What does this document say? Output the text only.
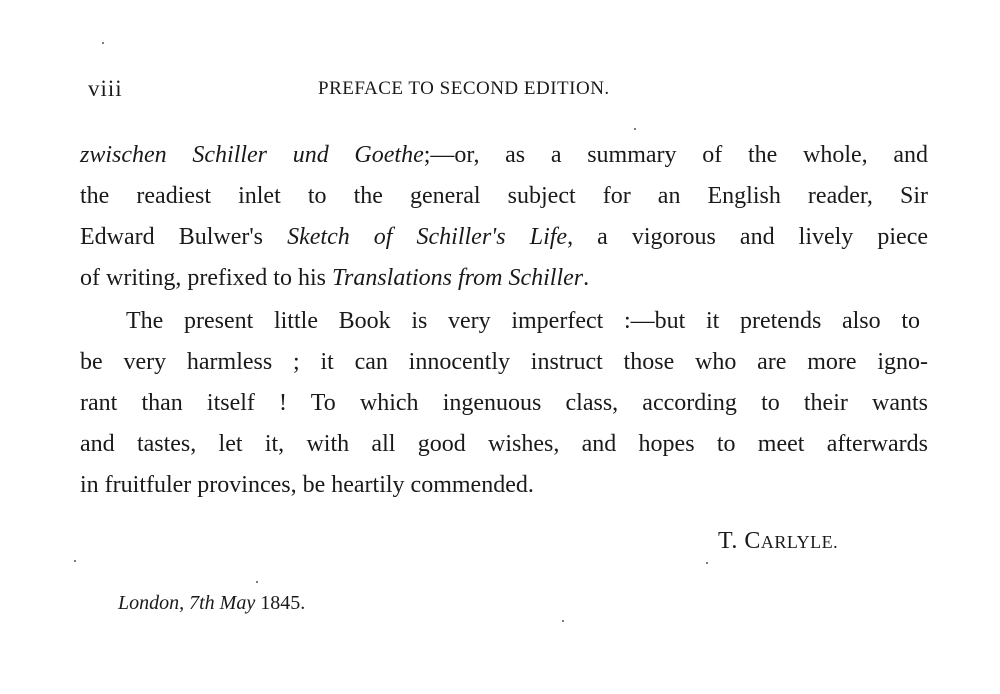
viii	PREFACE TO SECOND EDITION.
zwischen Schiller und Goethe;—or, as a summary of the whole, and
the readiest inlet to the general subject for an English reader, Sir
Edward Bulwer's Sketch of Schiller's Life, a vigorous and lively piece
of writing, prefixed to his Translations from Schiller.
The present little Book is very imperfect :—but it pretends also to
be very harmless ; it can innocently instruct those who are more igno-
rant than itself ! To which ingenuous class, according to their wants
and tastes, let it, with all good wishes, and hopes to meet afterwards
in fruitfuler provinces, be heartily commended.
T. CARLYLE.
London, 7th May 1845.
